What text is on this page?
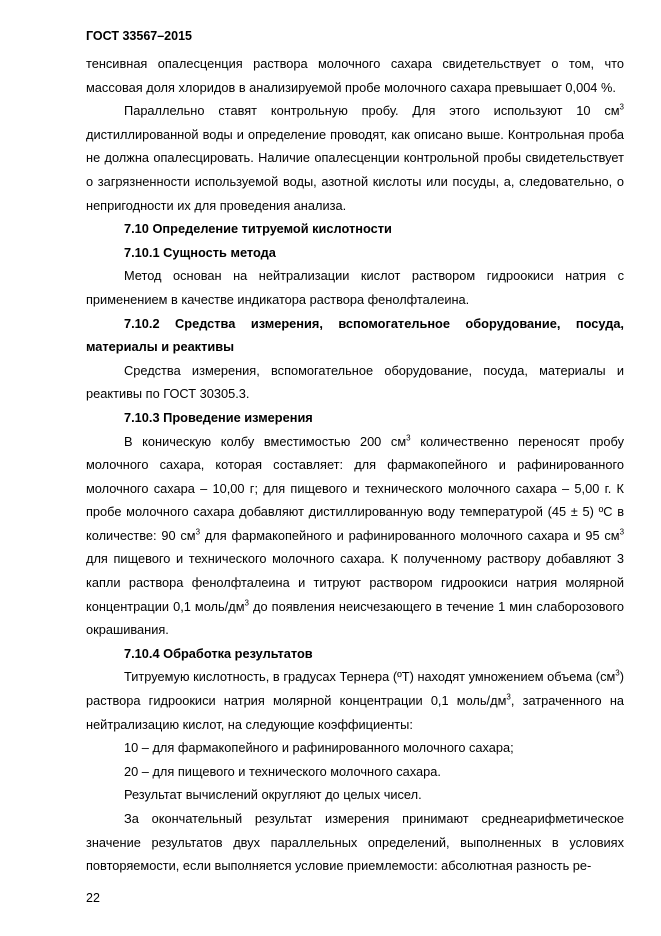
ГОСТ 33567–2015

тенсивная опалесценция раствора молочного сахара свидетельствует о том, что массовая доля хлоридов в анализируемой пробе молочного сахара превышает 0,004 %.

Параллельно ставят контрольную пробу. Для этого используют 10 $см^3$ дистиллированной воды и определение проводят, как описано выше. Контрольная проба не должна опалесцировать. Наличие опалесценции контрольной пробы свидетельствует о загрязненности используемой воды, азотной кислоты или посуды, а, следовательно, о непригодности их для проведения анализа.

7.10 Определение титруемой кислотности

7.10.1 Сущность метода

Метод основан на нейтрализации кислот раствором гидроокиси натрия с применением в качестве индикатора раствора фенолфталеина.

7.10.2 Средства измерения, вспомогательное оборудование, посуда, материалы и реактивы

Средства измерения, вспомогательное оборудование, посуда, материалы и реактивы по ГОСТ 30305.3.

7.10.3 Проведение измерения

В коническую колбу вместимостью 200 $см^3$ количественно переносят пробу молочного сахара, которая составляет: для фармакопейного и рафинированного молочного сахара – 10,00 г; для пищевого и технического молочного сахара – 5,00 г. К пробе молочного сахара добавляют дистиллированную воду температурой (45 ± 5) ºС в количестве: 90 $см^3$ для фармакопейного и рафинированного молочного сахара и 95 $см^3$ для пищевого и технического молочного сахара. К полученному раствору добавляют 3 капли раствора фенолфталеина и титруют раствором гидроокиси натрия молярной концентрации 0,1 моль/$дм^3$ до появления неисчезающего в течение 1 мин слаборозового окрашивания.

7.10.4 Обработка результатов

Титруемую кислотность, в градусах Тернера (ºТ) находят умножением объема $(см^3)$ раствора гидроокиси натрия молярной концентрации 0,1 моль/$дм^3$, затраченного на нейтрализацию кислот, на следующие коэффициенты:

10 – для фармакопейного и рафинированного молочного сахара;

20 – для пищевого и технического молочного сахара.

Результат вычислений округляют до целых чисел.

За окончательный результат измерения принимают среднеарифметическое значение результатов двух параллельных определений, выполненных в условиях повторяемости, если выполняется условие приемлемости: абсолютная разность ре-

22
